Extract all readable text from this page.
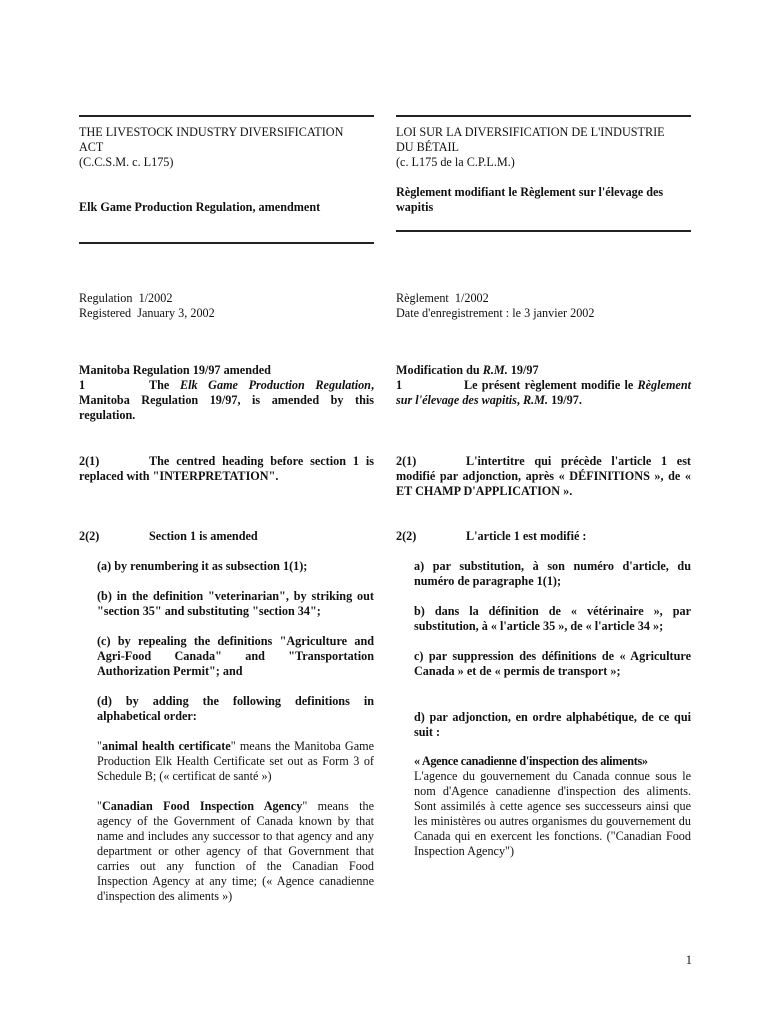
THE LIVESTOCK INDUSTRY DIVERSIFICATION
ACT
(C.C.S.M. c. L175)
Elk Game Production Regulation, amendment
LOI SUR LA DIVERSIFICATION DE L'INDUSTRIE
DU BÉTAIL
(c. L175 de la C.P.L.M.)
Règlement modifiant le Règlement sur l'élevage des wapitis
Regulation  1/2002
Registered  January 3, 2002
Règlement  1/2002
Date d'enregistrement : le 3 janvier 2002
Manitoba Regulation 19/97 amended
1	The Elk Game Production Regulation, Manitoba Regulation 19/97, is amended by this regulation.
Modification du R.M. 19/97
1	Le présent règlement modifie le Règlement sur l'élevage des wapitis, R.M. 19/97.
2(1)	The centred heading before section 1 is replaced with "INTERPRETATION".
2(1)	L'intertitre qui précède l'article 1 est modifié par adjonction, après « DÉFINITIONS », de « ET CHAMP D'APPLICATION ».
2(2)	Section 1 is amended
(a) by renumbering it as subsection 1(1);
(b) in the definition "veterinarian", by striking out "section 35" and substituting "section 34";
(c) by repealing the definitions "Agriculture and Agri-Food Canada" and "Transportation Authorization Permit"; and
(d) by adding the following definitions in alphabetical order:
"animal health certificate" means the Manitoba Game Production Elk Health Certificate set out as Form 3 of Schedule B; (« certificat de santé »)
"Canadian Food Inspection Agency" means the agency of the Government of Canada known by that name and includes any successor to that agency and any department or other agency of that Government that carries out any function of the Canadian Food Inspection Agency at any time; (« Agence canadienne d'inspection des aliments »)
2(2)	L'article 1 est modifié :
a) par substitution, à son numéro d'article, du numéro de paragraphe 1(1);
b) dans la définition de « vétérinaire », par substitution, à « l'article 35 », de « l'article 34 »;
c) par suppression des définitions de « Agriculture Canada » et de « permis de transport »;
d) par adjonction, en ordre alphabétique, de ce qui suit :
« Agence canadienne d'inspection des aliments»
L'agence du gouvernement du Canada connue sous le nom d'Agence canadienne d'inspection des aliments. Sont assimilés à cette agence ses successeurs ainsi que les ministères ou autres organismes du gouvernement du Canada qui en exercent les fonctions. ("Canadian Food Inspection Agency")
1
